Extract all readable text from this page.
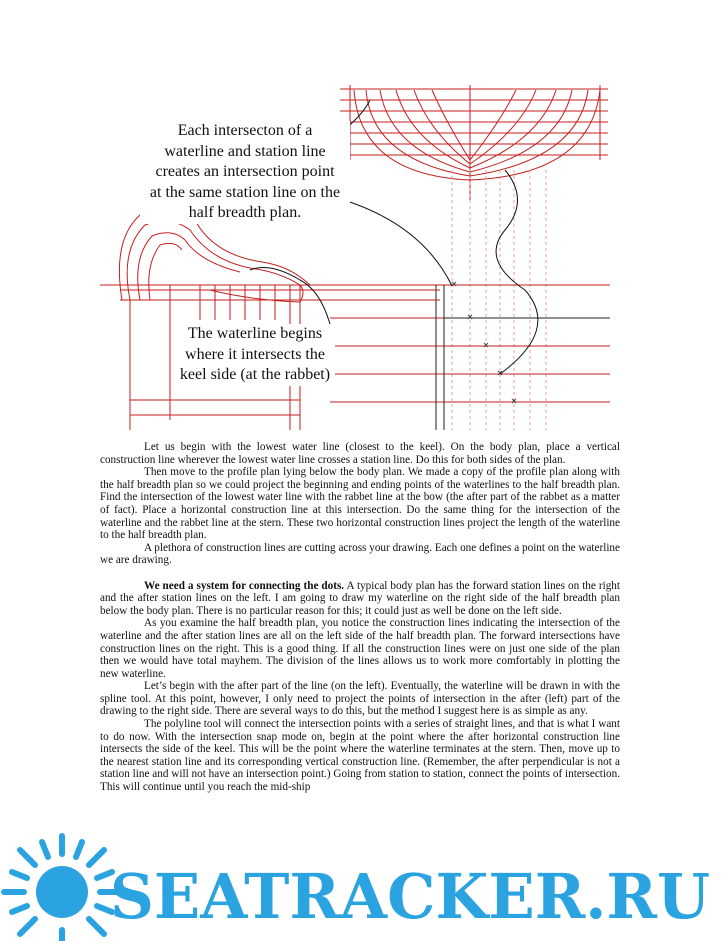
Each intersecton of a
waterline and station line
creates an intersection point
at the same station line on the
half breadth plan.
The waterline begins
where it intersects the
keel side (at the rabbet)

Let us begin with the lowest water line (closest to the keel). On the body plan, place a vertical construction line wherever the lowest water line crosses a station line. Do this for both sides of the plan.

Then move to the profile plan lying below the body plan. We made a copy of the profile plan along with the half breadth plan so we could project the beginning and ending points of the waterlines to the half breadth plan. Find the intersection of the lowest water line with the rabbet line at the bow (the after part of the rabbet as a matter of fact). Place a horizontal construction line at this intersection. Do the same thing for the intersection of the waterline and the rabbet line at the stern. These two horizontal construction lines project the length of the waterline to the half breadth plan.

A plethora of construction lines are cutting across your drawing. Each one defines a point on the waterline we are drawing.

We need a system for connecting the dots. A typical body plan has the forward station lines on the right and the after station lines on the left. I am going to draw my waterline on the right side of the half breadth plan below the body plan. There is no particular reason for this; it could just as well be done on the left side.

As you examine the half breadth plan, you notice the construction lines indicating the intersection of the waterline and the after station lines are all on the left side of the half breadth plan. The forward intersections have construction lines on the right. This is a good thing. If all the construction lines were on just one side of the plan then we would have total mayhem. The division of the lines allows us to work more comfortably in plotting the new waterline.

Let’s begin with the after part of the line (on the left). Eventually, the waterline will be drawn in with the spline tool. At this point, however, I only need to project the points of intersection in the after (left) part of the drawing to the right side. There are several ways to do this, but the method I suggest here is as simple as any.

The polyline tool will connect the intersection points with a series of straight lines, and that is what I want to do now. With the intersection snap mode on, begin at the point where the after horizontal construction line intersects the side of the keel. This will be the point where the waterline terminates at the stern. Then, move up to the nearest station line and its corresponding vertical construction line. (Remember, the after perpendicular is not a station line and will not have an intersection point.) Going from station to station, connect the points of intersection. This will continue until you reach the mid-ship

SEATRACKER.RU
